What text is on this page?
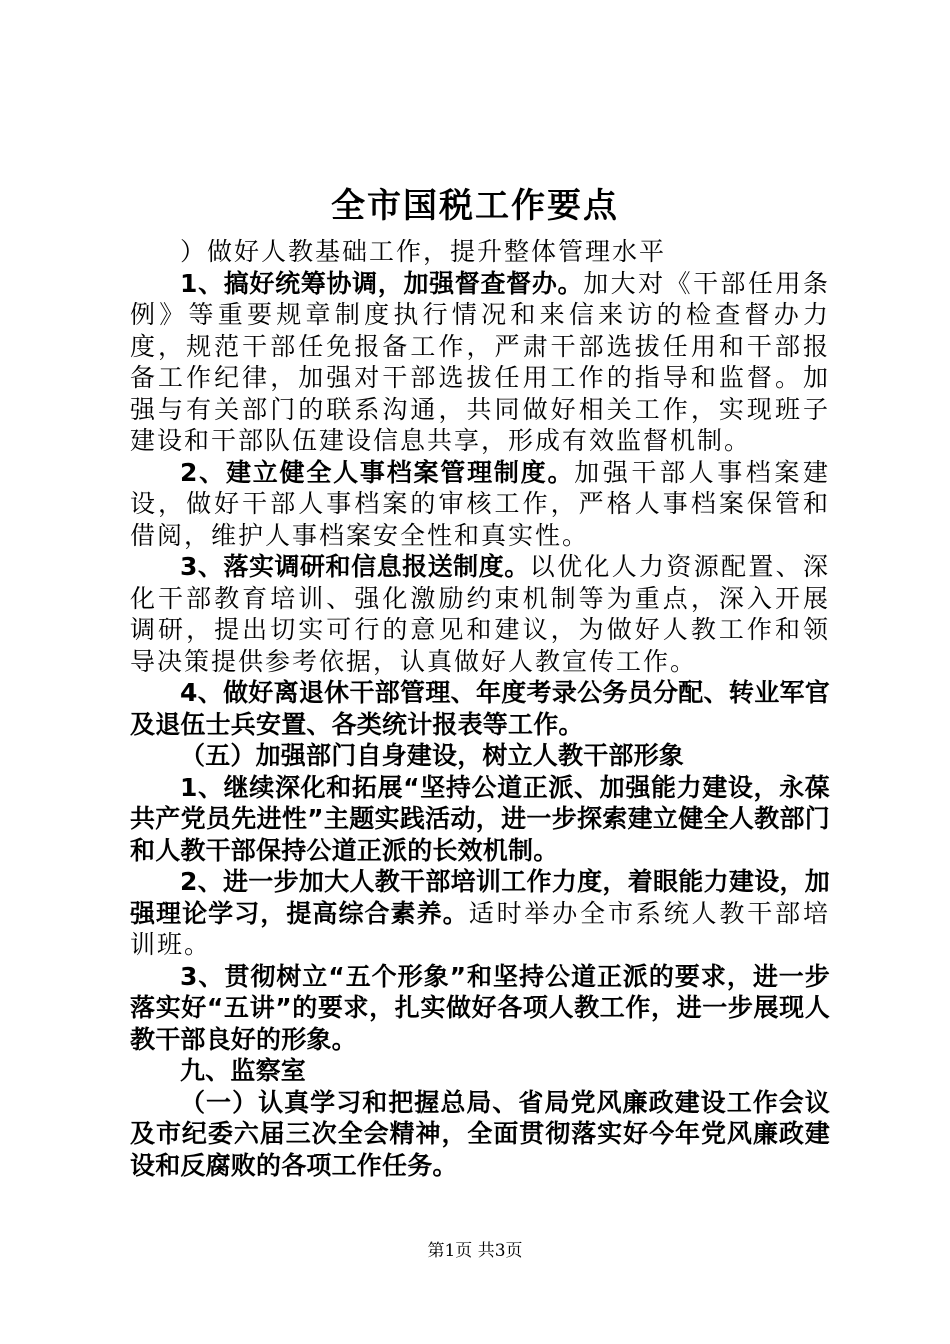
全市国税工作要点

）做好人教基础工作，提升整体管理水平

1、搞好统筹协调，加强督查督办。加大对《干部任用条例》等重要规章制度执行情况和来信来访的检查督办力度，规范干部任免报备工作，严肃干部选拔任用和干部报备工作纪律，加强对干部选拔任用工作的指导和监督。加强与有关部门的联系沟通，共同做好相关工作，实现班子建设和干部队伍建设信息共享，形成有效监督机制。

2、建立健全人事档案管理制度。加强干部人事档案建设，做好干部人事档案的审核工作，严格人事档案保管和借阅，维护人事档案安全性和真实性。

3、落实调研和信息报送制度。以优化人力资源配置、深化干部教育培训、强化激励约束机制等为重点，深入开展调研，提出切实可行的意见和建议，为做好人教工作和领导决策提供参考依据，认真做好人教宣传工作。

4、做好离退休干部管理、年度考录公务员分配、转业军官及退伍士兵安置、各类统计报表等工作。

（五）加强部门自身建设，树立人教干部形象

1、继续深化和拓展“坚持公道正派、加强能力建设，永葆共产党员先进性”主题实践活动，进一步探索建立健全人教部门和人教干部保持公道正派的长效机制。

2、进一步加大人教干部培训工作力度，着眼能力建设，加强理论学习，提高综合素养。适时举办全市系统人教干部培训班。

3、贯彻树立“五个形象”和坚持公道正派的要求，进一步落实好“五讲”的要求，扎实做好各项人教工作，进一步展现人教干部良好的形象。

九、监察室

（一）认真学习和把握总局、省局党风廉政建设工作会议及市纪委六届三次全会精神，全面贯彻落实好今年党风廉政建设和反腐败的各项工作任务。

第1页 共3页
